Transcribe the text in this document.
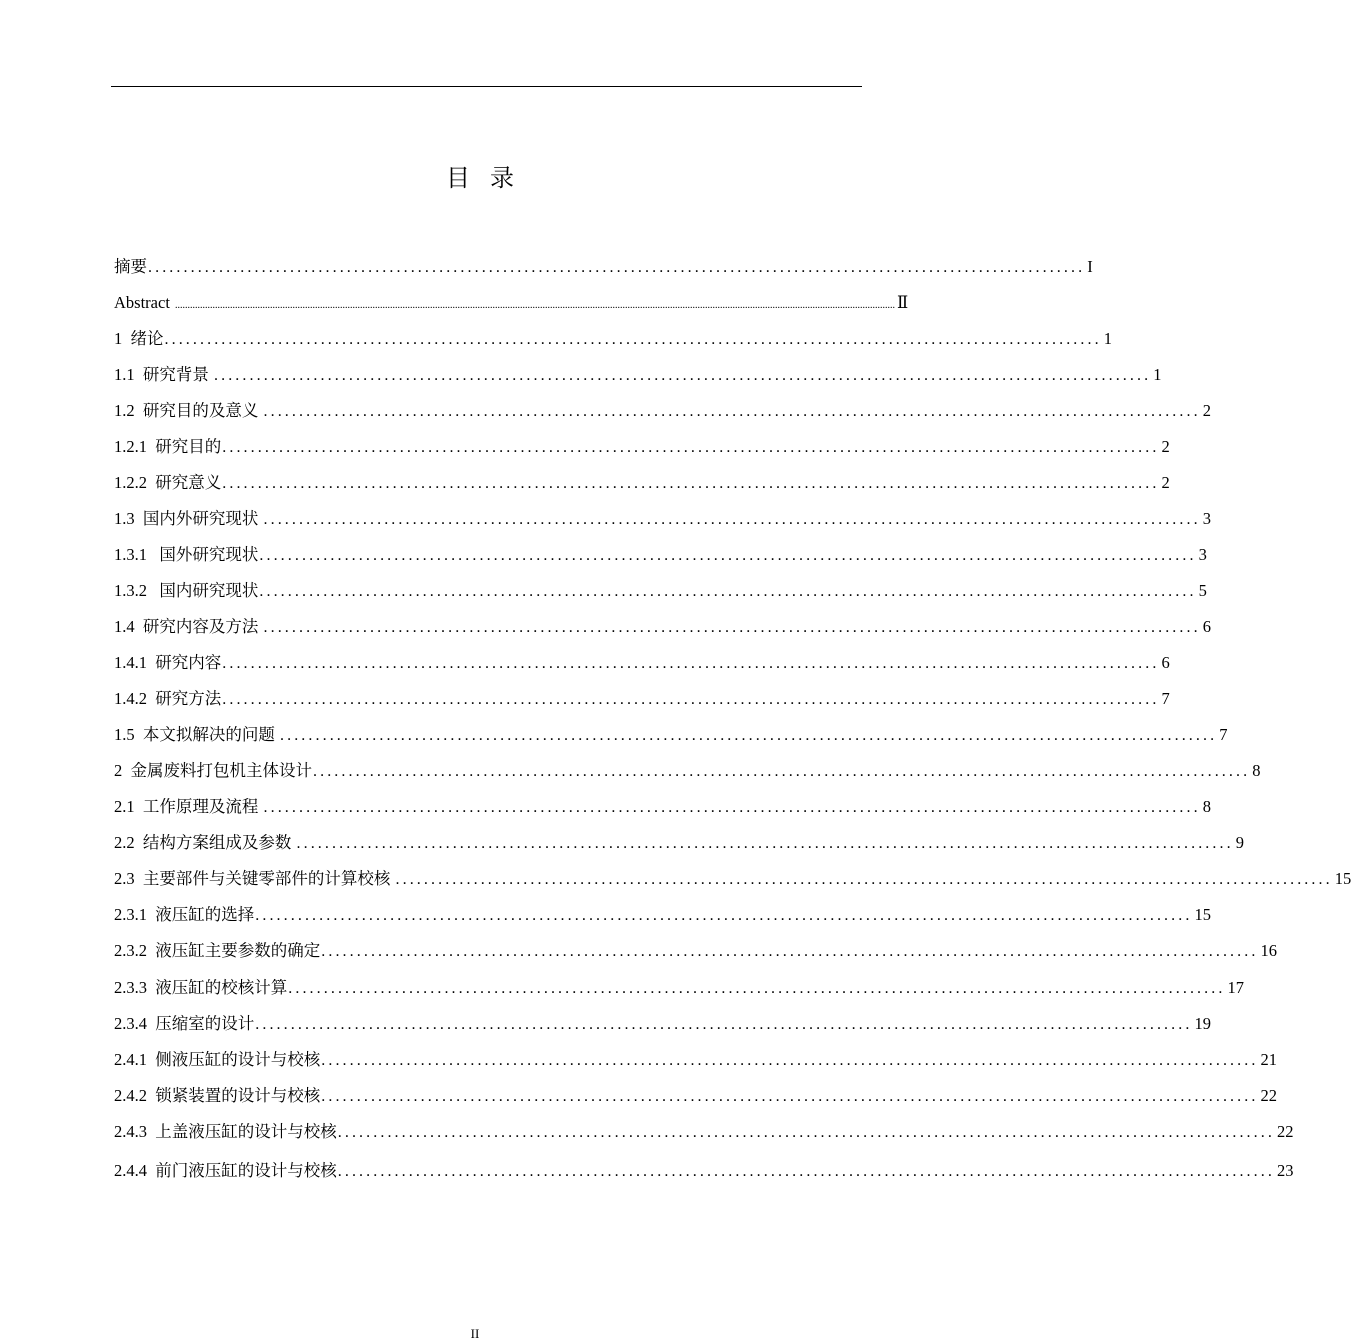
目录
摘要 .................................................................................................................................... I
Abstract ................................................................................................................................................................................................................................................................................................ Ⅱ
1  绪论 .................................................................................................................................... 1
1.1  研究背景 .................................................................................................................................... 1
1.2  研究目的及意义 .................................................................................................................................... 2
1.2.1  研究目的 .................................................................................................................................... 2
1.2.2  研究意义 .................................................................................................................................... 2
1.3  国内外研究现状 .................................................................................................................................... 3
1.3.1   国外研究现状 .................................................................................................................................... 3
1.3.2   国内研究现状 .................................................................................................................................... 5
1.4  研究内容及方法 .................................................................................................................................... 6
1.4.1  研究内容 .................................................................................................................................... 6
1.4.2  研究方法 .................................................................................................................................... 7
1.5  本文拟解决的问题 .................................................................................................................................... 7
2  金属废料打包机主体设计 .................................................................................................................................... 8
2.1  工作原理及流程 .................................................................................................................................... 8
2.2  结构方案组成及参数 .................................................................................................................................... 9
2.3  主要部件与关键零部件的计算校核 .................................................................................................................................... 15
2.3.1  液压缸的选择 .................................................................................................................................... 15
2.3.2  液压缸主要参数的确定 .................................................................................................................................... 16
2.3.3  液压缸的校核计算 .................................................................................................................................... 17
2.3.4  压缩室的设计 .................................................................................................................................... 19
2.4.1  侧液压缸的设计与校核 .................................................................................................................................... 21
2.4.2  锁紧装置的设计与校核 .................................................................................................................................... 22
2.4.3  上盖液压缸的设计与校核 .................................................................................................................................... 22
2.4.4  前门液压缸的设计与校核 .................................................................................................................................... 23
II
